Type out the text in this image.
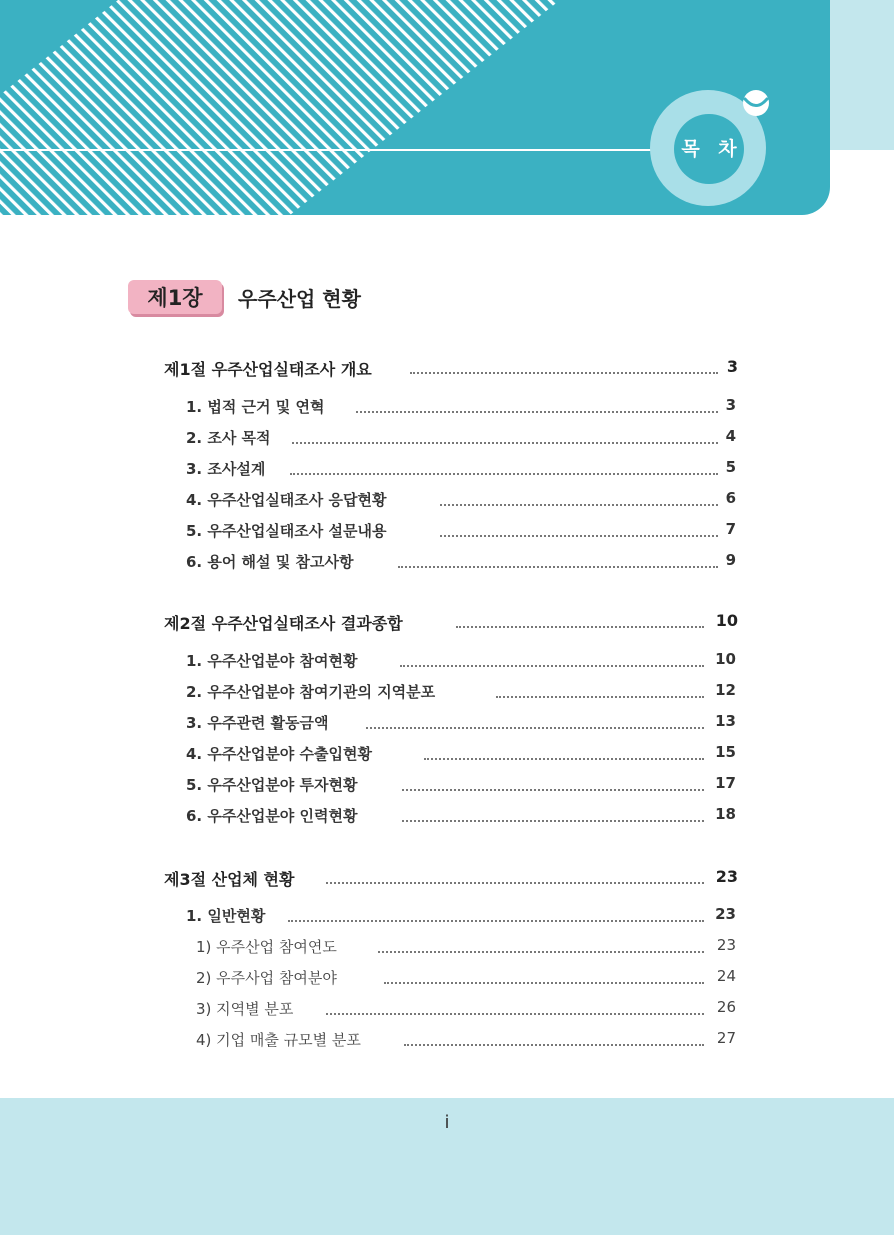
목 차
제1장	우주산업 현황
제1절 우주산업실태조사 개요	3
1. 법적 근거 및 연혁	3
2. 조사 목적	4
3. 조사설계	5
4. 우주산업실태조사 응답현황	6
5. 우주산업실태조사 설문내용	7
6. 용어 해설 및 참고사항	9
제2절 우주산업실태조사 결과종합	10
1. 우주산업분야 참여현황	10
2. 우주산업분야 참여기관의 지역분포	12
3. 우주관련 활동금액	13
4. 우주산업분야 수출입현황	15
5. 우주산업분야 투자현황	17
6. 우주산업분야 인력현황	18
제3절 산업체 현황	23
1. 일반현황	23
1) 우주산업 참여연도	23
2) 우주사업 참여분야	24
3) 지역별 분포	26
4) 기업 매출 규모별 분포	27
i
